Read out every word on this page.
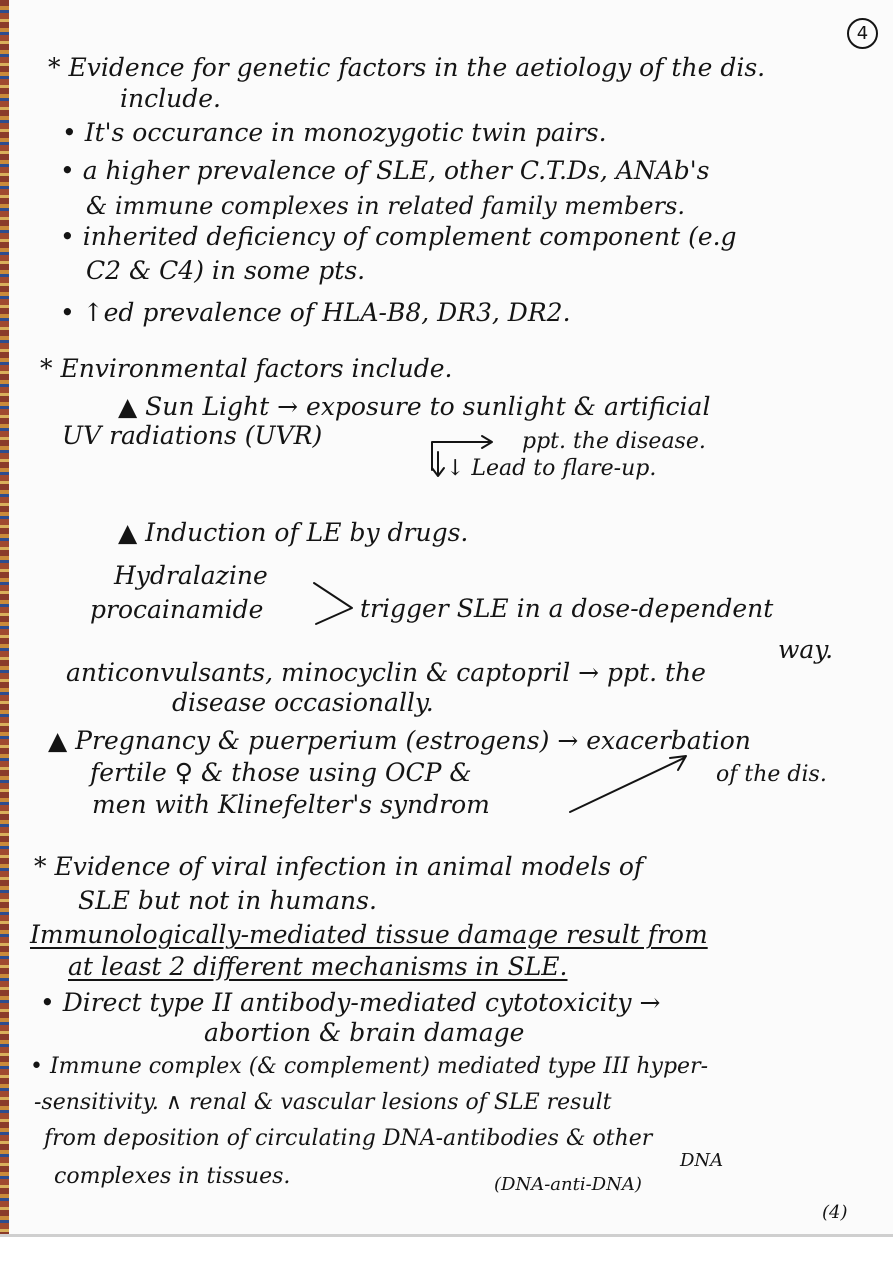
4

* Evidence for genetic factors in the aetiology of the dis.

include.

• It's occurance in monozygotic twin pairs.

• a higher prevalence of SLE, other C.T.Ds, ANAb's

& immune complexes in related family members.

• inherited deficiency of complement component (e.g

C2 & C4) in some pts.

• ↑ed prevalence of HLA-B8, DR3, DR2.

* Environmental factors include.

▲ Sun Light → exposure to sunlight & artificial

UV radiations (UVR)	ppt. the disease.

↓ Lead to flare-up.

▲ Induction of LE by drugs.

Hydralazine

procainamide	trigger SLE in a dose-dependent

way.

anticonvulsants, minocyclin & captopril → ppt. the

disease occasionally.

▲ Pregnancy & puerperium (estrogens) → exacerbation

fertile ♀ & those using OCP &	of the dis.

men with Klinefelter's syndrom

* Evidence of viral infection in animal models of

SLE but not in humans.

Immunologically-mediated tissue damage result from

at least 2 different mechanisms in SLE.

• Direct type II antibody-mediated cytotoxicity →

abortion & brain damage

• Immune complex (& complement) mediated type III hyper-

-sensitivity. ∧ renal & vascular lesions of SLE result

from deposition of circulating DNA-antibodies & other

complexes in tissues.

DNA

(DNA-anti-DNA)

(4)
